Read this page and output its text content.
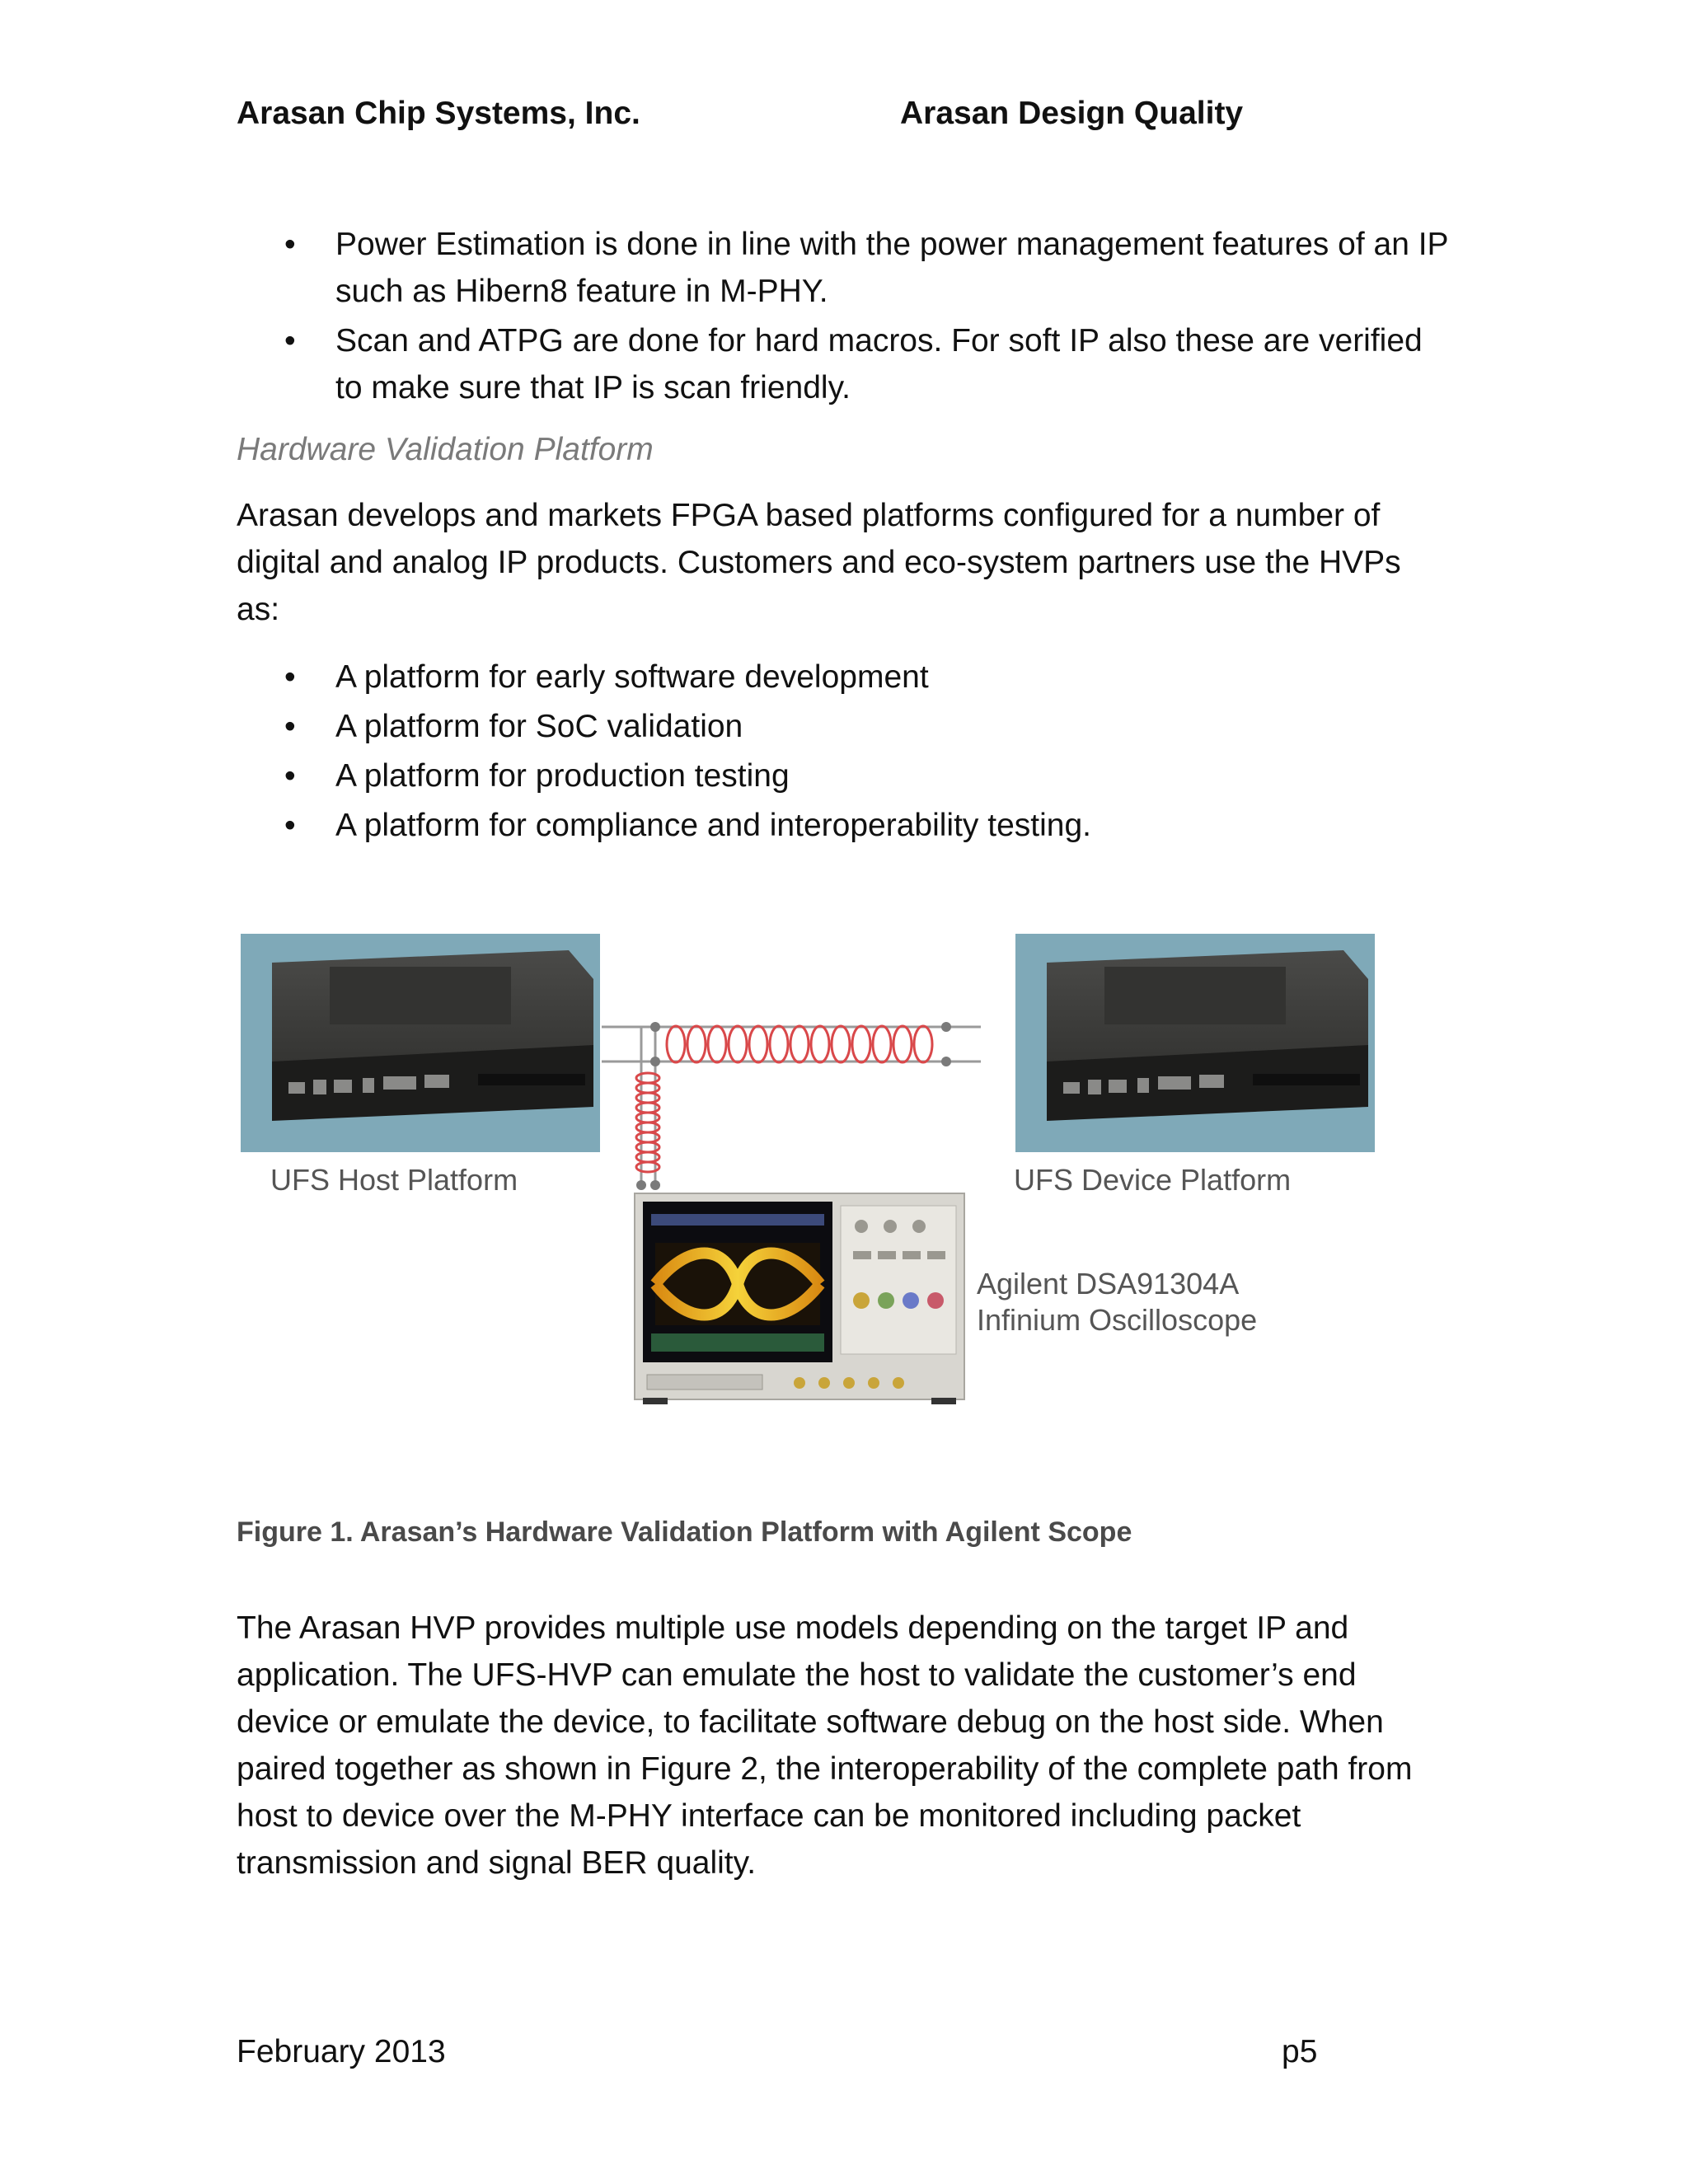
Arasan Chip Systems, Inc.	Arasan Design Quality
• Power Estimation is done in line with the power management features of an IP such as Hibern8 feature in M-PHY.
• Scan and ATPG are done for hard macros. For soft IP also these are verified to make sure that IP is scan friendly.
Hardware Validation Platform
Arasan develops and markets FPGA based platforms configured for a number of digital and analog IP products. Customers and eco-system partners use the HVPs as:
• A platform for early software development
• A platform for SoC validation
• A platform for production testing
• A platform for compliance and interoperability testing.
UFS Host Platform	UFS Device Platform
Agilent DSA91304A
Infinium Oscilloscope
Figure 1. Arasan’s Hardware Validation Platform with Agilent Scope
The Arasan HVP provides multiple use models depending on the target IP and application. The UFS-HVP can emulate the host to validate the customer’s end device or emulate the device, to facilitate software debug on the host side. When paired together as shown in Figure 2, the interoperability of the complete path from host to device over the M-PHY interface can be monitored including packet transmission and signal BER quality.
February 2013	p5
